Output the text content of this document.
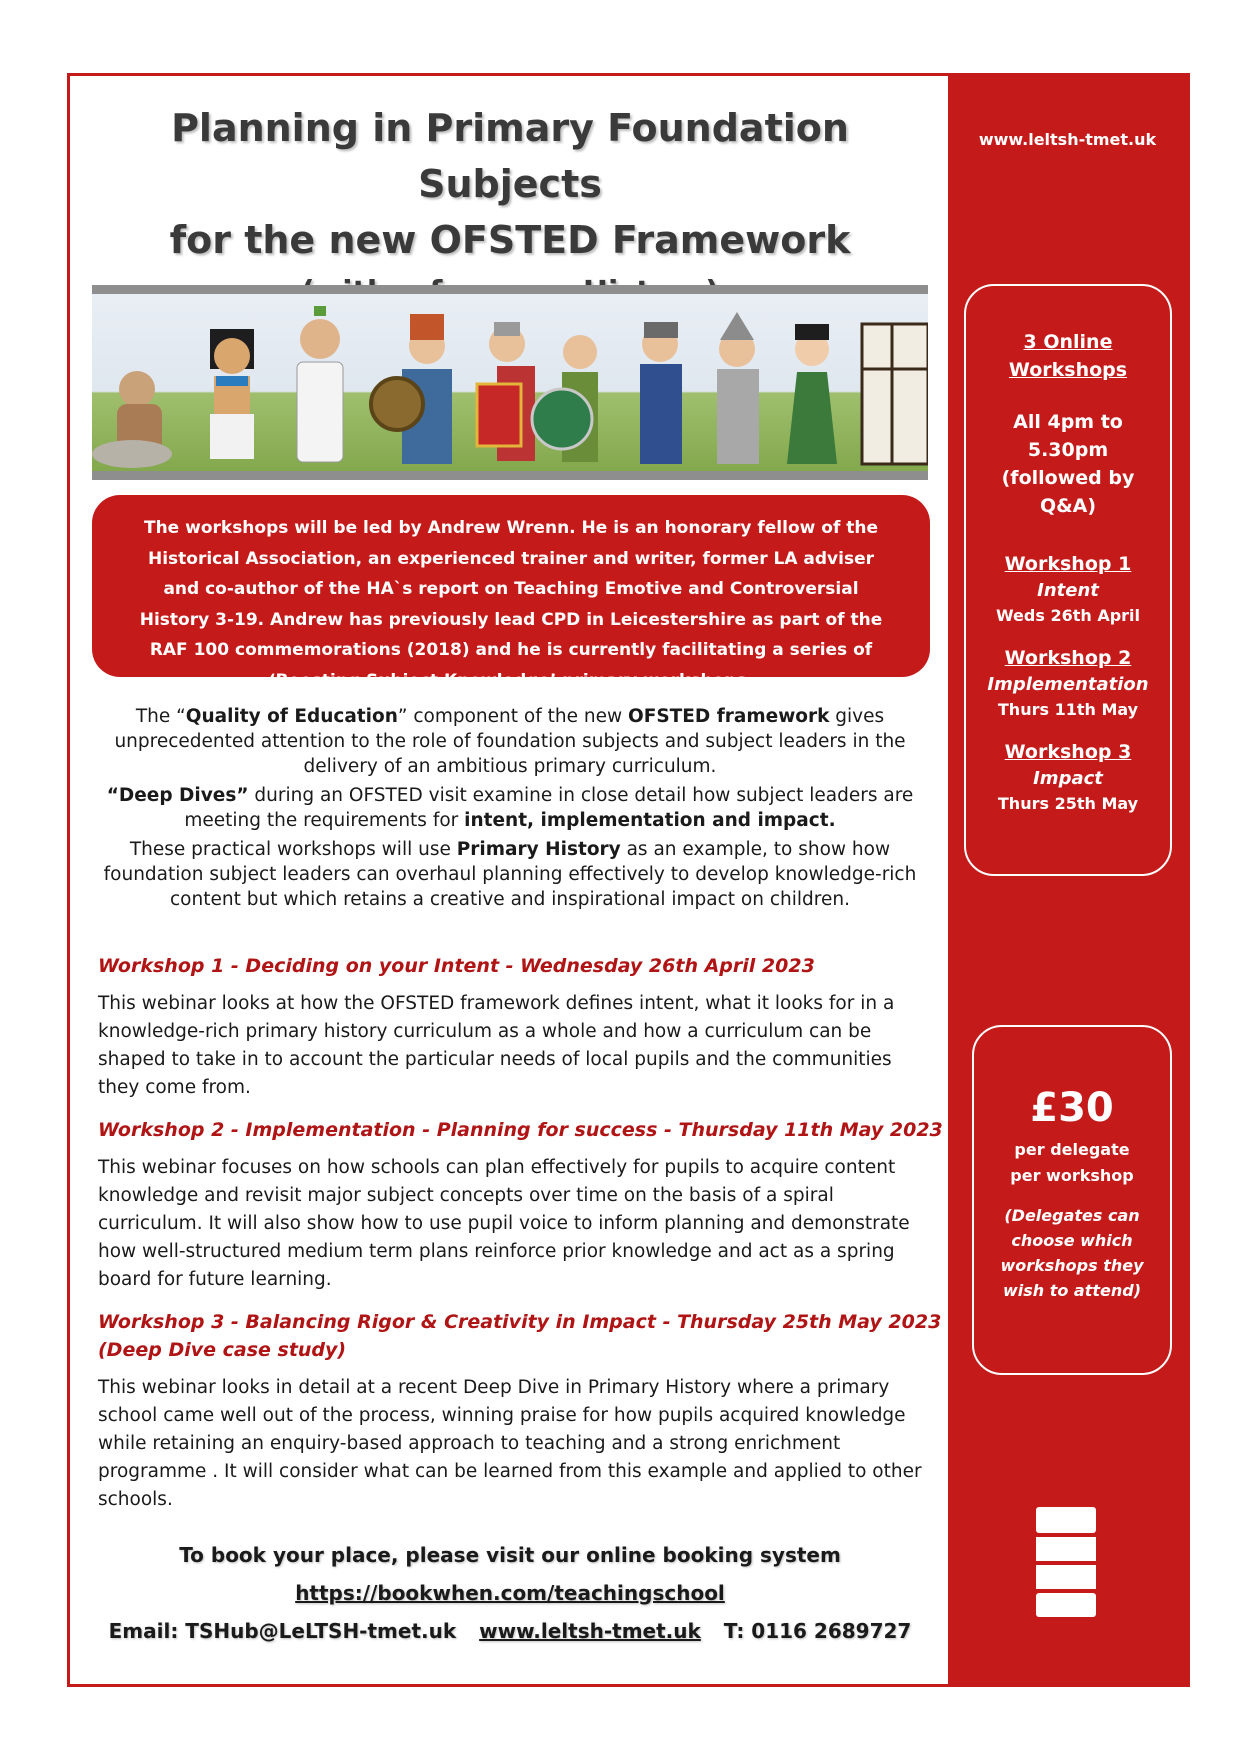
Planning in Primary Foundation Subjects
for the new OFSTED Framework
The workshops will be led by Andrew Wrenn. He is an honorary fellow of the Historical Association, an experienced trainer and writer, former LA adviser and co-author of the HA`s report on Teaching Emotive and Controversial History 3-19. Andrew has previously lead CPD in Leicestershire as part of the RAF 100 commemorations (2018) and he is currently facilitating a series of ‘Boosting Subject Knowledge’ primary workshops.

The “Quality of Education” component of the new OFSTED framework gives unprecedented attention to the role of foundation subjects and subject leaders in the delivery of an ambitious primary curriculum.

“Deep Dives” during an OFSTED visit examine in close detail how subject leaders are meeting the requirements for intent, implementation and impact.

These practical workshops will use Primary History as an example, to show how foundation subject leaders can overhaul planning effectively to develop knowledge-rich content but which retains a creative and inspirational impact on children.

Workshop 1 - Deciding on your Intent - Wednesday 26th April 2023
This webinar looks at how the OFSTED framework defines intent, what it looks for in a knowledge-rich primary history curriculum as a whole and how a curriculum can be shaped to take in to account the particular needs of local pupils and the communities they come from.
Workshop 2 - Implementation - Planning for success - Thursday 11th May 2023
This webinar focuses on how schools can plan effectively for pupils to acquire content knowledge and revisit major subject concepts over time on the basis of a spiral curriculum. It will also show how to use pupil voice to inform planning and demonstrate how well-structured medium term plans reinforce prior knowledge and act as a spring board for future learning.
Workshop 3 - Balancing Rigor & Creativity in Impact - Thursday 25th May 2023
(Deep Dive case study)
This webinar looks in detail at a recent Deep Dive in Primary History where a primary school came well out of the process, winning praise for how pupils acquired knowledge while retaining an enquiry-based approach to teaching and a strong enrichment programme . It will consider what can be learned from this example and applied to other schools.
To book your place, please visit our online booking system
https://bookwhen.com/teachingschool
Email: TSHub@LeLTSH-tmet.uk www.leltsh-tmet.uk T: 0116 2689727
www.leltsh-tmet.uk
3 Online
Workshops
All 4pm to
5.30pm
(followed by
Q&A)
Workshop 1
Intent
Weds 26th April
Workshop 2
Implementation
Thurs 11th May
Workshop 3
Impact
Thurs 25th May
£30
per delegate
per workshop
(Delegates can
choose which
workshops they
wish to attend)
